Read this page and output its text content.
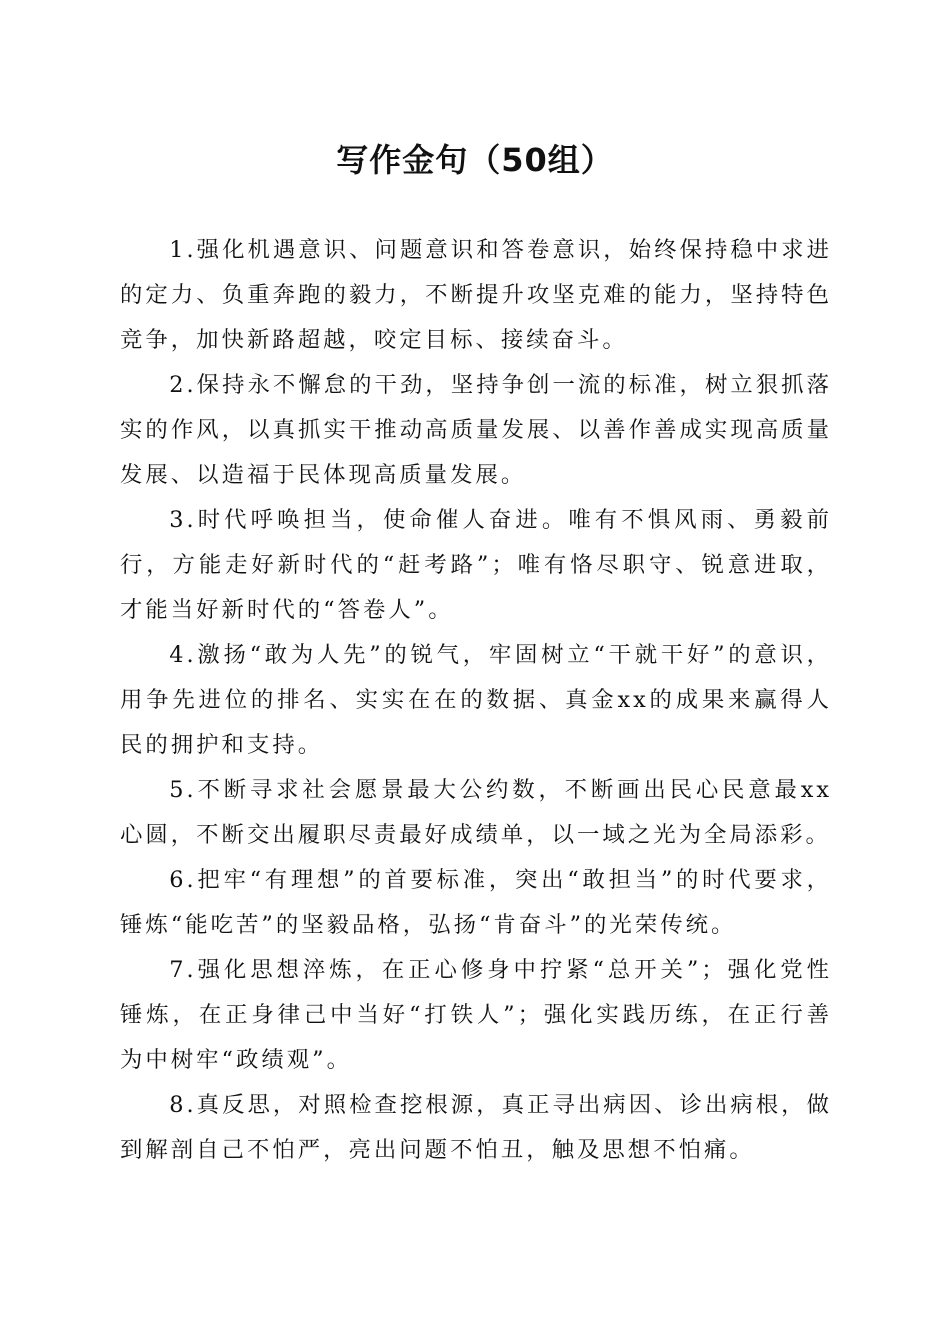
写作金句（50组）

1.强化机遇意识、问题意识和答卷意识，始终保持稳中求进的定力、负重奔跑的毅力，不断提升攻坚克难的能力，坚持特色竞争，加快新路超越，咬定目标、接续奋斗。

2.保持永不懈怠的干劲，坚持争创一流的标准，树立狠抓落实的作风，以真抓实干推动高质量发展、以善作善成实现高质量发展、以造福于民体现高质量发展。

3.时代呼唤担当，使命催人奋进。唯有不惧风雨、勇毅前行，方能走好新时代的“赶考路”；唯有恪尽职守、锐意进取，才能当好新时代的“答卷人”。

4.激扬“敢为人先”的锐气，牢固树立“干就干好”的意识，用争先进位的排名、实实在在的数据、真金xx的成果来赢得人民的拥护和支持。

5.不断寻求社会愿景最大公约数，不断画出民心民意最xx心圆，不断交出履职尽责最好成绩单，以一域之光为全局添彩。

6.把牢“有理想”的首要标准，突出“敢担当”的时代要求，锤炼“能吃苦”的坚毅品格，弘扬“肯奋斗”的光荣传统。

7.强化思想淬炼，在正心修身中拧紧“总开关”；强化党性锤炼，在正身律己中当好“打铁人”；强化实践历练，在正行善为中树牢“政绩观”。

8.真反思，对照检查挖根源，真正寻出病因、诊出病根，做到解剖自己不怕严，亮出问题不怕丑，触及思想不怕痛。
